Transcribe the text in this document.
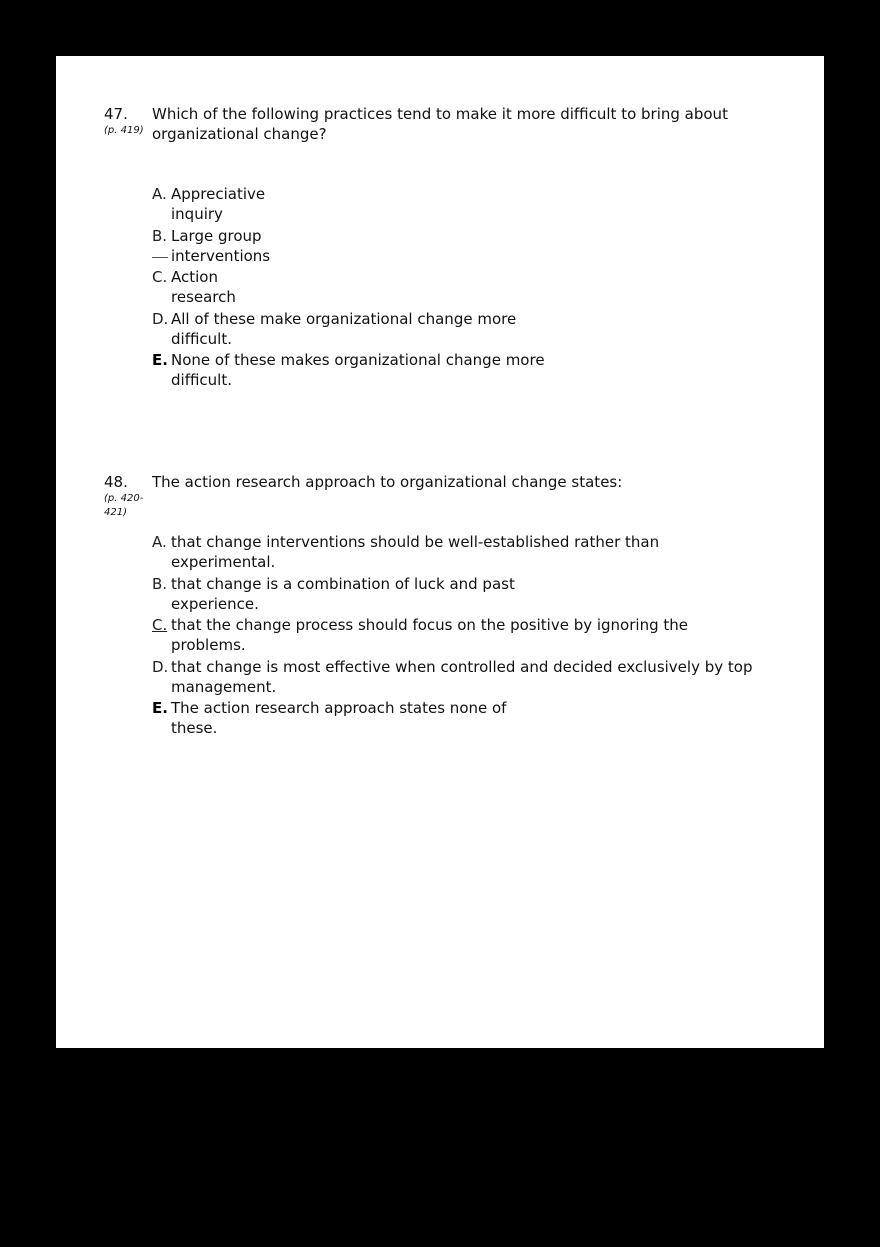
47.
(p. 419)
Which of the following practices tend to make it more difﬁcult to bring about organizational change?
A. Appreciative inquiry
B. Large group interventions
C. Action research
D. All of these make organizational change more difﬁcult.
E. None of these makes organizational change more difﬁcult.
48.
(p. 420-421)
The action research approach to organizational change states:
A. that change interventions should be well-established rather than experimental.
B. that change is a combination of luck and past experience.
C. that the change process should focus on the positive by ignoring the problems.
D. that change is most effective when controlled and decided exclusively by top management.
E. The action research approach states none of these.
